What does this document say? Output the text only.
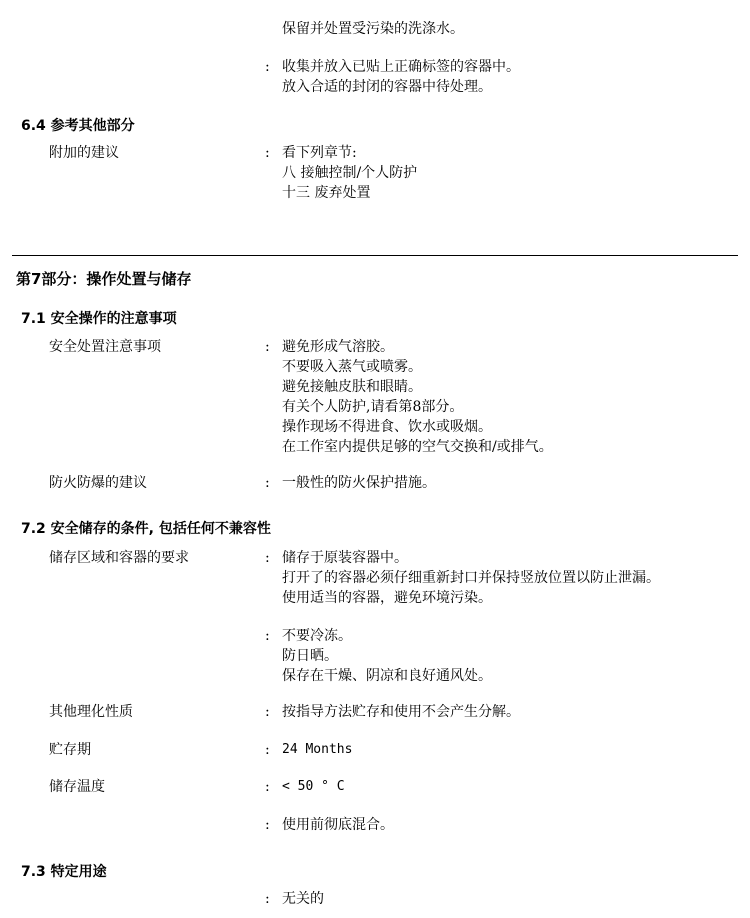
保留并处置受污染的洗涤水。
: 收集并放入已贴上正确标签的容器中。
放入合适的封闭的容器中待处理。
6.4 参考其他部分
附加的建议	: 看下列章节:
八 接触控制/个人防护
十三 废弃处置
第7部分：操作处置与储存
7.1 安全操作的注意事项
安全处置注意事项	: 避免形成气溶胶。
不要吸入蒸气或喷雾。
避免接触皮肤和眼睛。
有关个人防护,请看第8部分。
操作现场不得进食、饮水或吸烟。
在工作室内提供足够的空气交换和/或排气。
防火防爆的建议	: 一般性的防火保护措施。
7.2 安全储存的条件, 包括任何不兼容性
储存区域和容器的要求	: 储存于原装容器中。
打开了的容器必须仔细重新封口并保持竖放位置以防止泄漏。
使用适当的容器，避免环境污染。
: 不要冷冻。
防日晒。
保存在干燥、阴凉和良好通风处。
其他理化性质	: 按指导方法贮存和使用不会产生分解。
贮存期	: 24 Months
储存温度	: < 50 ° C
: 使用前彻底混合。
7.3 特定用途
: 无关的
